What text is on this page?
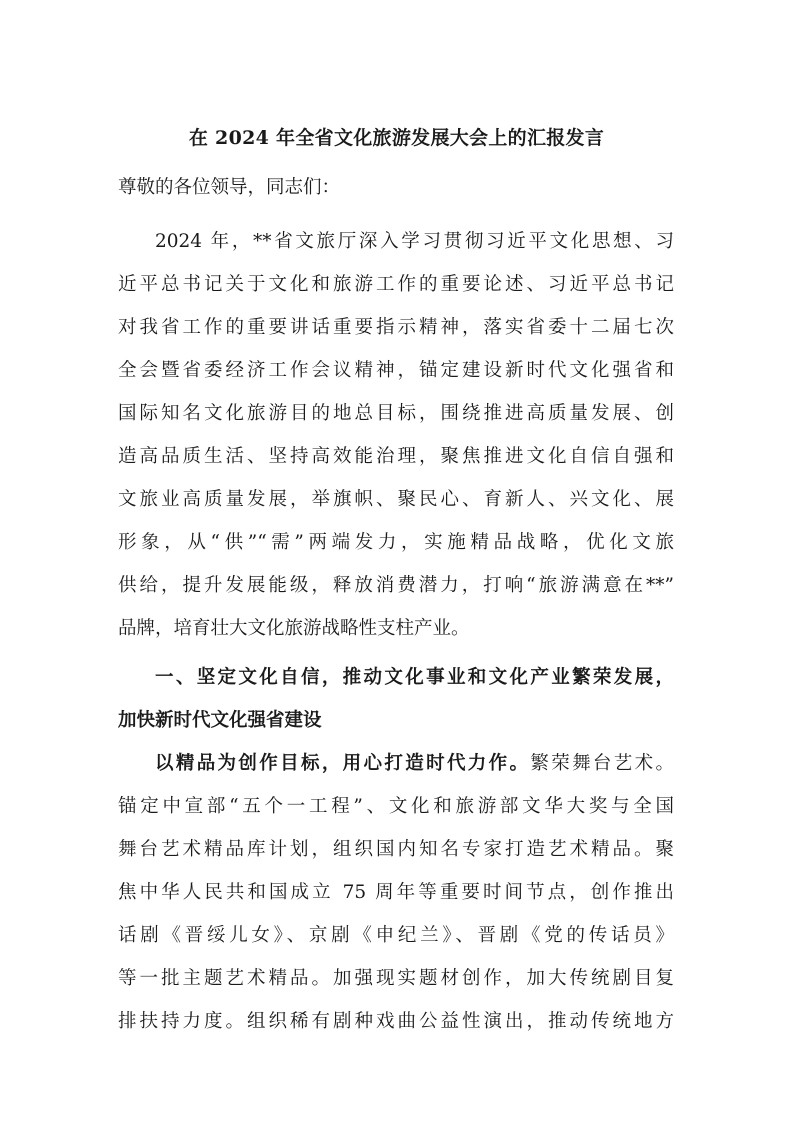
在 2024 年全省文化旅游发展大会上的汇报发言
尊敬的各位领导，同志们：
2024 年，**省文旅厅深入学习贯彻习近平文化思想、习
近平总书记关于文化和旅游工作的重要论述、习近平总书记
对我省工作的重要讲话重要指示精神，落实省委十二届七次
全会暨省委经济工作会议精神，锚定建设新时代文化强省和
国际知名文化旅游目的地总目标，围绕推进高质量发展、创
造高品质生活、坚持高效能治理，聚焦推进文化自信自强和
文旅业高质量发展，举旗帜、聚民心、育新人、兴文化、展
形象，从“供”“需”两端发力，实施精品战略，优化文旅
供给，提升发展能级，释放消费潜力，打响“旅游满意在**”
品牌，培育壮大文化旅游战略性支柱产业。
一、坚定文化自信，推动文化事业和文化产业繁荣发展，
加快新时代文化强省建设
以精品为创作目标，用心打造时代力作。繁荣舞台艺术。
锚定中宣部“五个一工程”、文化和旅游部文华大奖与全国
舞台艺术精品库计划，组织国内知名专家打造艺术精品。聚
焦中华人民共和国成立 75 周年等重要时间节点，创作推出
话剧《晋绥儿女》、京剧《申纪兰》、晋剧《党的传话员》
等一批主题艺术精品。加强现实题材创作，加大传统剧目复
排扶持力度。组织稀有剧种戏曲公益性演出，推动传统地方
